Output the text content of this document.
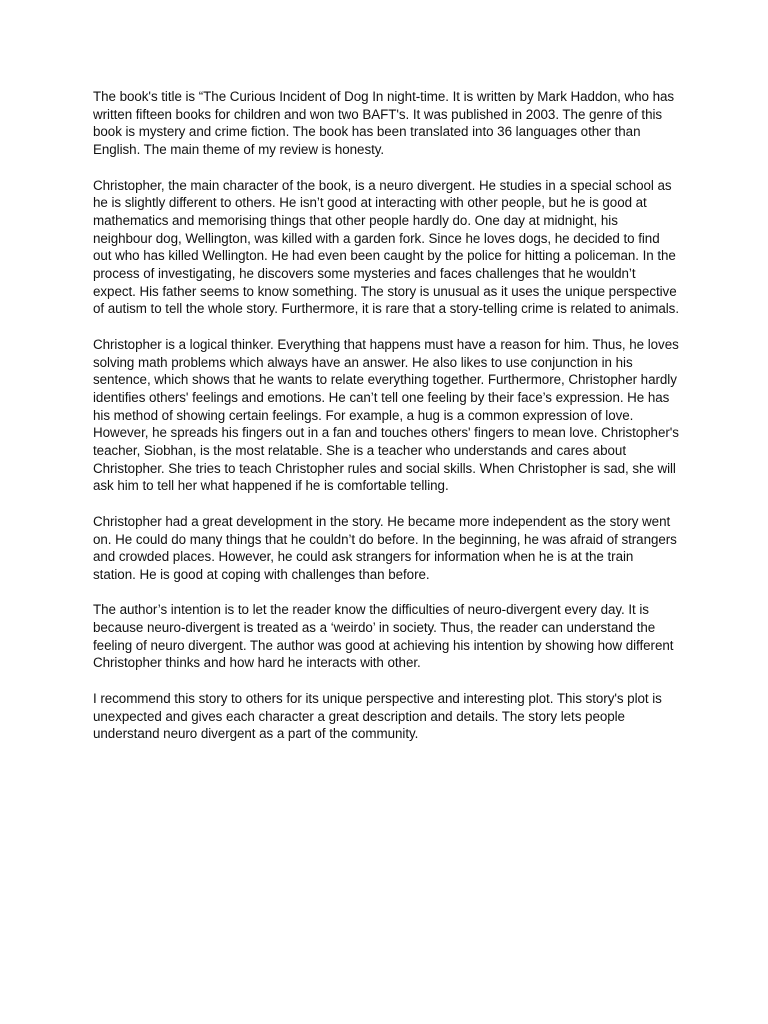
The book's title is “The Curious Incident of Dog In night-time. It is written by Mark Haddon, who has written fifteen books for children and won two BAFT's. It was published in 2003. The genre of this book is mystery and crime fiction. The book has been translated into 36 languages other than English. The main theme of my review is honesty.

Christopher, the main character of the book, is a neuro divergent. He studies in a special school as he is slightly different to others. He isn’t good at interacting with other people, but he is good at mathematics and memorising things that other people hardly do. One day at midnight, his neighbour dog, Wellington, was killed with a garden fork. Since he loves dogs, he decided to find out who has killed Wellington. He had even been caught by the police for hitting a policeman. In the process of investigating, he discovers some mysteries and faces challenges that he wouldn’t expect. His father seems to know something. The story is unusual as it uses the unique perspective of autism to tell the whole story. Furthermore, it is rare that a story-telling crime is related to animals.

Christopher is a logical thinker. Everything that happens must have a reason for him. Thus, he loves solving math problems which always have an answer. He also likes to use conjunction in his sentence, which shows that he wants to relate everything together. Furthermore, Christopher hardly identifies others' feelings and emotions. He can’t tell one feeling by their face’s expression. He has his method of showing certain feelings. For example, a hug is a common expression of love. However, he spreads his fingers out in a fan and touches others' fingers to mean love. Christopher's teacher, Siobhan, is the most relatable. She is a teacher who understands and cares about Christopher. She tries to teach Christopher rules and social skills. When Christopher is sad, she will ask him to tell her what happened if he is comfortable telling.

Christopher had a great development in the story. He became more independent as the story went on. He could do many things that he couldn’t do before. In the beginning, he was afraid of strangers and crowded places. However, he could ask strangers for information when he is at the train station. He is good at coping with challenges than before.

The author’s intention is to let the reader know the difficulties of neuro-divergent every day. It is because neuro-divergent is treated as a ‘weirdo’ in society. Thus, the reader can understand the feeling of neuro divergent. The author was good at achieving his intention by showing how different Christopher thinks and how hard he interacts with other.

I recommend this story to others for its unique perspective and interesting plot. This story's plot is unexpected and gives each character a great description and details. The story lets people understand neuro divergent as a part of the community.
